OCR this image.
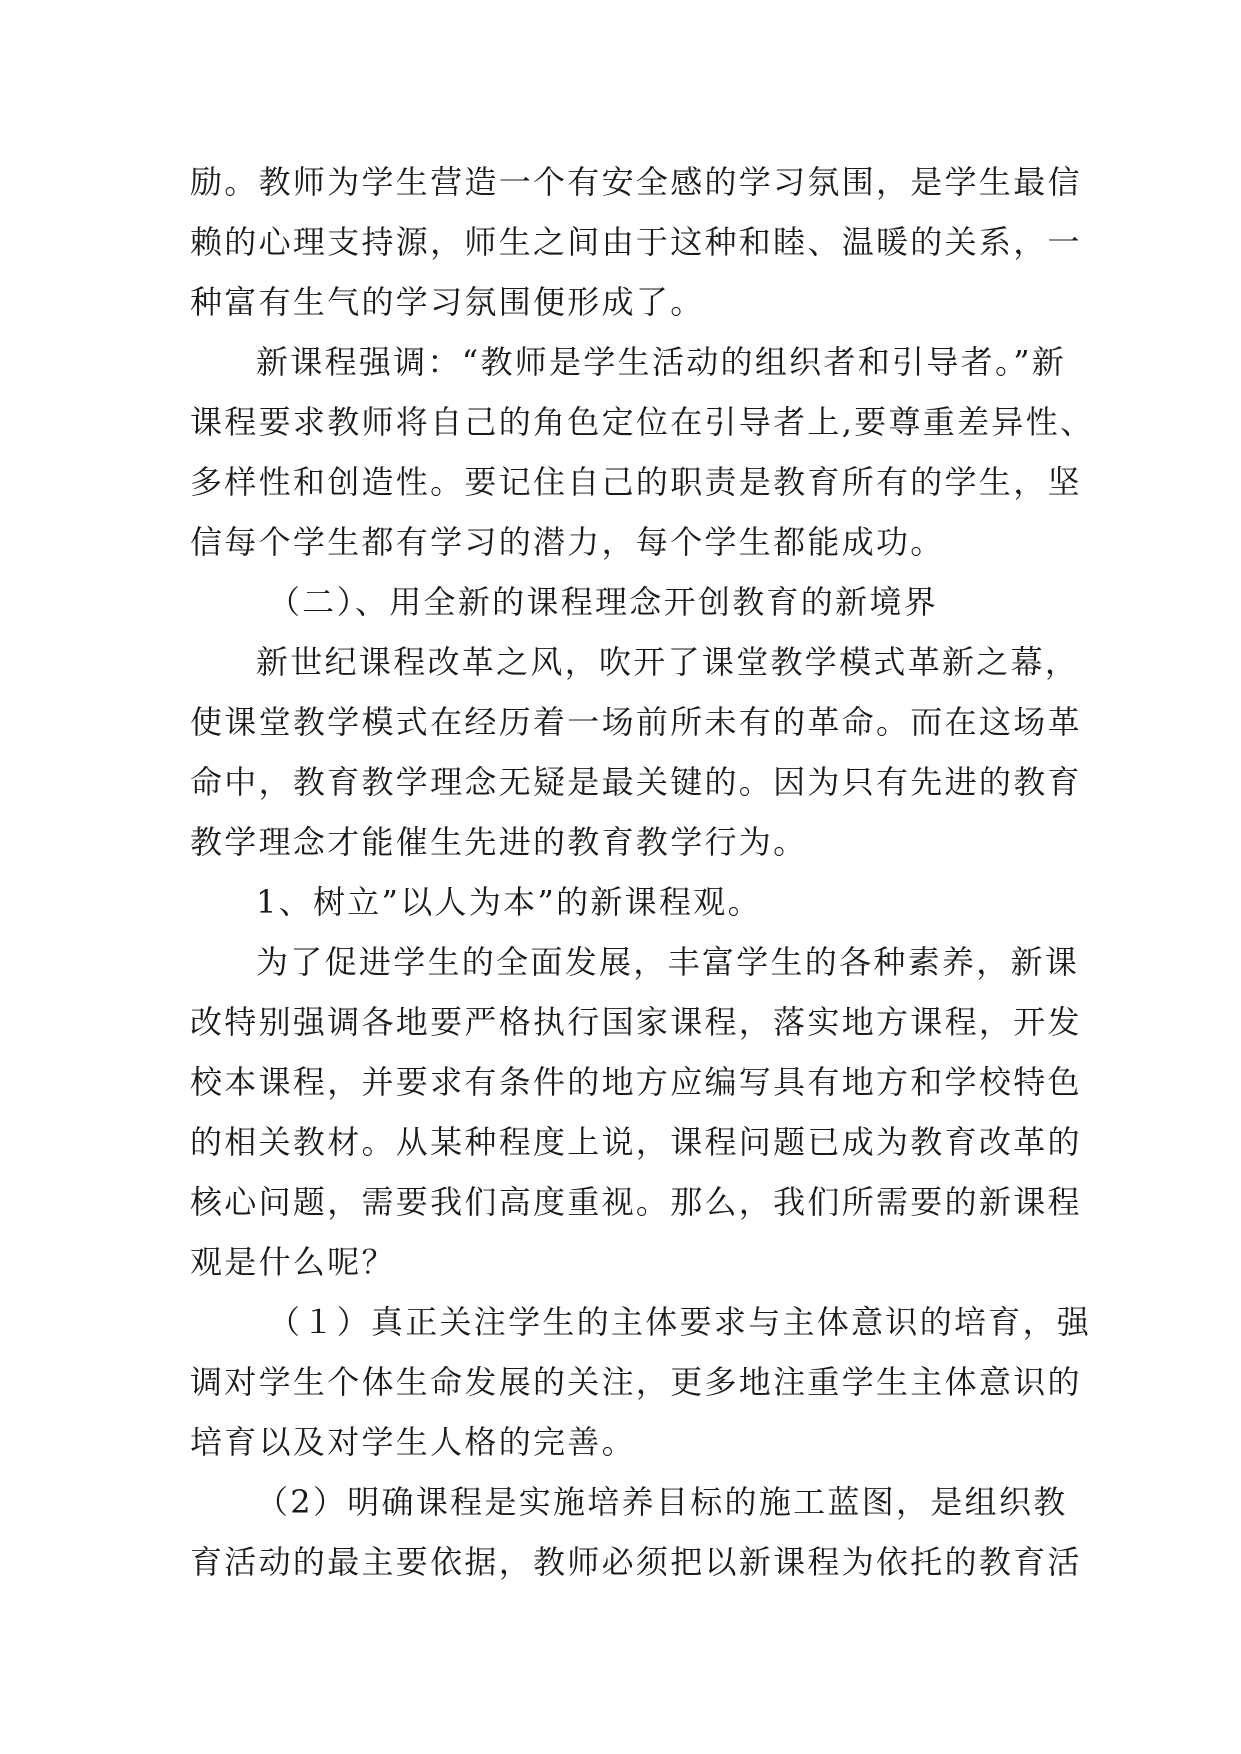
励。教师为学生营造一个有安全感的学习氛围，是学生最信
赖的心理支持源，师生之间由于这种和睦、温暖的关系，一
种富有生气的学习氛围便形成了。
新课程强调：“教师是学生活动的组织者和引导者。”新
课程要求教师将自己的角色定位在引导者上,要尊重差异性、
多样性和创造性。要记住自己的职责是教育所有的学生，坚
信每个学生都有学习的潜力，每个学生都能成功。
（二）、用全新的课程理念开创教育的新境界
新世纪课程改革之风，吹开了课堂教学模式革新之幕，
使课堂教学模式在经历着一场前所未有的革命。而在这场革
命中，教育教学理念无疑是最关键的。因为只有先进的教育
教学理念才能催生先进的教育教学行为。
1、树立”以人为本”的新课程观。
为了促进学生的全面发展，丰富学生的各种素养，新课
改特别强调各地要严格执行国家课程，落实地方课程，开发
校本课程，并要求有条件的地方应编写具有地方和学校特色
的相关教材。从某种程度上说，课程问题已成为教育改革的
核心问题，需要我们高度重视。那么，我们所需要的新课程
观是什么呢？
（１）真正关注学生的主体要求与主体意识的培育，强
调对学生个体生命发展的关注，更多地注重学生主体意识的
培育以及对学生人格的完善。
（2）明确课程是实施培养目标的施工蓝图，是组织教
育活动的最主要依据，教师必须把以新课程为依托的教育活
